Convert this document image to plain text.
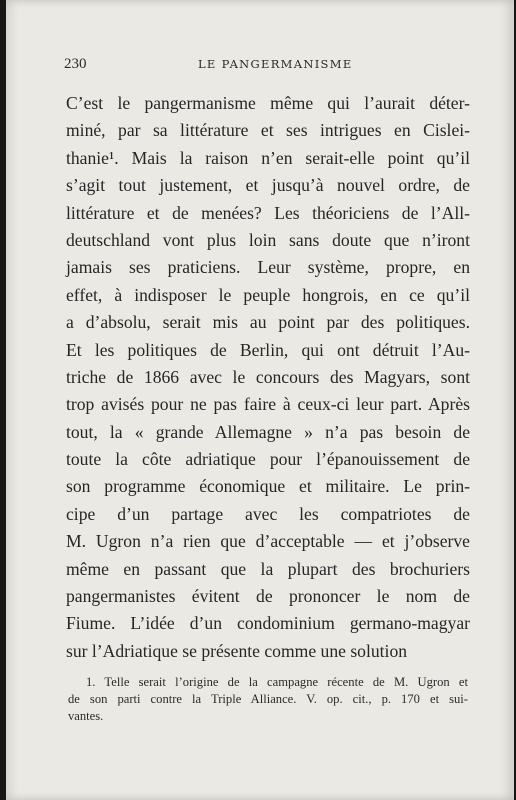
230	LE PANGERMANISME
C’est le pangermanisme même qui l’aurait déter-
miné, par sa littérature et ses intrigues en Cislei-
thanie¹. Mais la raison n’en serait-elle point qu’il
s’agit tout justement, et jusqu’à nouvel ordre, de
littérature et de menées? Les théoriciens de l’All-
deutschland vont plus loin sans doute que n’iront
jamais ses praticiens. Leur système, propre, en
effet, à indisposer le peuple hongrois, en ce qu’il
a d’absolu, serait mis au point par des politiques.
Et les politiques de Berlin, qui ont détruit l’Au-
triche de 1866 avec le concours des Magyars, sont
trop avisés pour ne pas faire à ceux-ci leur part. Après
tout, la « grande Allemagne » n’a pas besoin de
toute la côte adriatique pour l’épanouissement de
son programme économique et militaire. Le prin-
cipe d’un partage avec les compatriotes de
M. Ugron n’a rien que d’acceptable — et j’observe
même en passant que la plupart des brochuriers
pangermanistes évitent de prononcer le nom de
Fiume. L’idée d’un condominium germano-magyar
sur l’Adriatique se présente comme une solution
1. Telle serait l’origine de la campagne récente de M. Ugron et
de son parti contre la Triple Alliance. V. op. cit., p. 170 et sui-
vantes.
